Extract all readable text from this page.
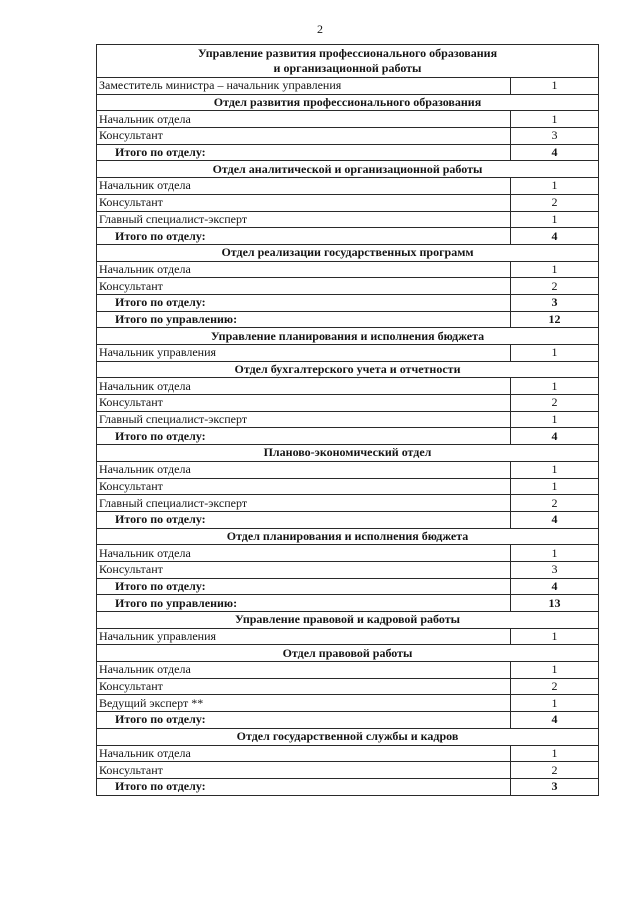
2
Управление развития профессионального образования
и организационной работы	
Заместитель министра – начальник управления	1
Отдел развития профессионального образования	
Начальник отдела	1
Консультант	3
Итого по отделу:	4
Отдел аналитической и организационной работы	
Начальник отдела	1
Консультант	2
Главный специалист-эксперт	1
Итого по отделу:	4
Отдел реализации государственных программ	
Начальник отдела	1
Консультант	2
Итого по отделу:	3
Итого по управлению:	12
Управление планирования и исполнения бюджета	
Начальник управления	1
Отдел бухгалтерского учета и отчетности	
Начальник отдела	1
Консультант	2
Главный специалист-эксперт	1
Итого по отделу:	4
Планово-экономический отдел	
Начальник отдела	1
Консультант	1
Главный специалист-эксперт	2
Итого по отделу:	4
Отдел планирования и исполнения бюджета	
Начальник отдела	1
Консультант	3
Итого по отделу:	4
Итого по управлению:	13
Управление правовой и кадровой работы	
Начальник управления	1
Отдел правовой работы	
Начальник отдела	1
Консультант	2
Ведущий эксперт **	1
Итого по отделу:	4
Отдел государственной службы и кадров	
Начальник отдела	1
Консультант	2
Итого по отделу:	3
